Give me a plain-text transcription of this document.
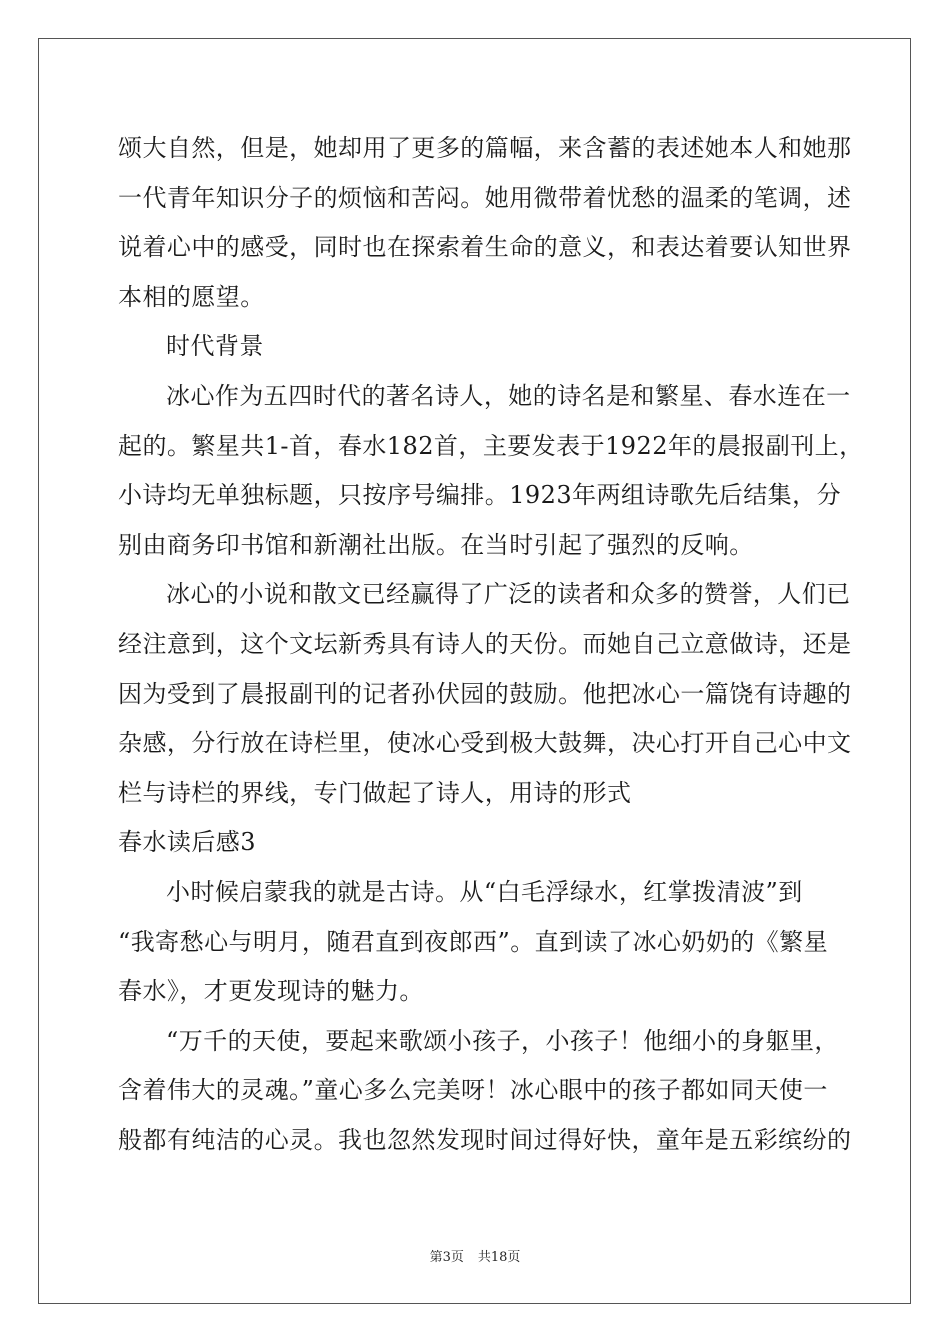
颂大自然，但是，她却用了更多的篇幅，来含蓄的表述她本人和她那
一代青年知识分子的烦恼和苦闷。她用微带着忧愁的温柔的笔调，述
说着心中的感受，同时也在探索着生命的意义，和表达着要认知世界
本相的愿望。

时代背景

冰心作为五四时代的著名诗人，她的诗名是和繁星、春水连在一
起的。繁星共1-首，春水182首，主要发表于1922年的晨报副刊上，
小诗均无单独标题，只按序号编排。1923年两组诗歌先后结集，分
别由商务印书馆和新潮社出版。在当时引起了强烈的反响。

冰心的小说和散文已经赢得了广泛的读者和众多的赞誉，人们已
经注意到，这个文坛新秀具有诗人的天份。而她自己立意做诗，还是
因为受到了晨报副刊的记者孙伏园的鼓励。他把冰心一篇饶有诗趣的
杂感，分行放在诗栏里，使冰心受到极大鼓舞，决心打开自己心中文
栏与诗栏的界线，专门做起了诗人，用诗的形式

春水读后感3

小时候启蒙我的就是古诗。从“白毛浮绿水，红掌拨清波”到
“我寄愁心与明月，随君直到夜郎西”。直到读了冰心奶奶的《繁星
春水》，才更发现诗的魅力。

“万千的天使，要起来歌颂小孩子，小孩子！他细小的身躯里，
含着伟大的灵魂。”童心多么完美呀！冰心眼中的孩子都如同天使一
般都有纯洁的心灵。我也忽然发现时间过得好快，童年是五彩缤纷的

第3页 共18页
